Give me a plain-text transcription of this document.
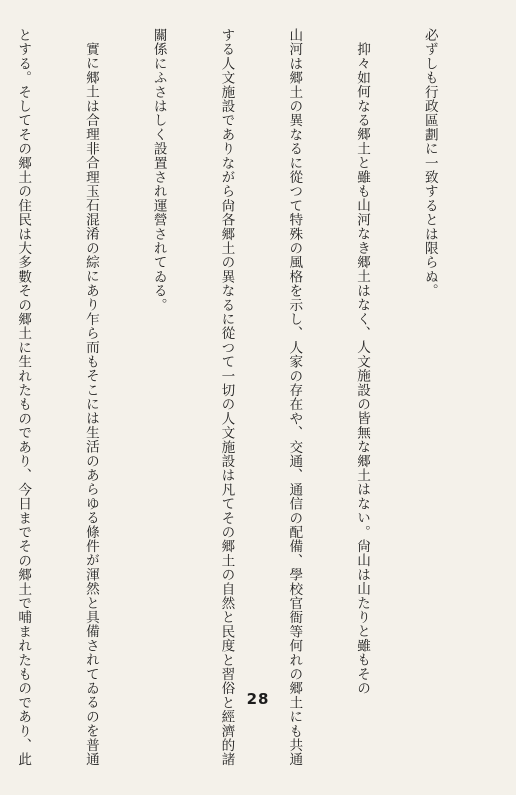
必ずしも行政區劃に一致するとは限らぬ。

抑々如何なる郷土と雖も山河なき郷土はなく、人文施設の皆無な郷土はない。尙山は山たりと雖もその

山河は郷土の異なるに從つて特殊の風格を示し、人家の存在や、交通、通信の配備、學校官衙等何れの郷土にも共通

する人文施設でありながら尙各郷土の異なるに從つて一切の人文施設は凡てその郷土の自然と民度と習俗と經濟的諸

關係にふさはしく設置され運營されてゐる。

實に郷土は合理非合理玉石混淆の綜にあり乍ら而もそこには生活のあらゆる條件が渾然と具備されてゐるのを普通

とする。そしてその郷土の住民は大多數その郷土に生れたものであり、今日までその郷土で哺まれたものであり、此

	28
